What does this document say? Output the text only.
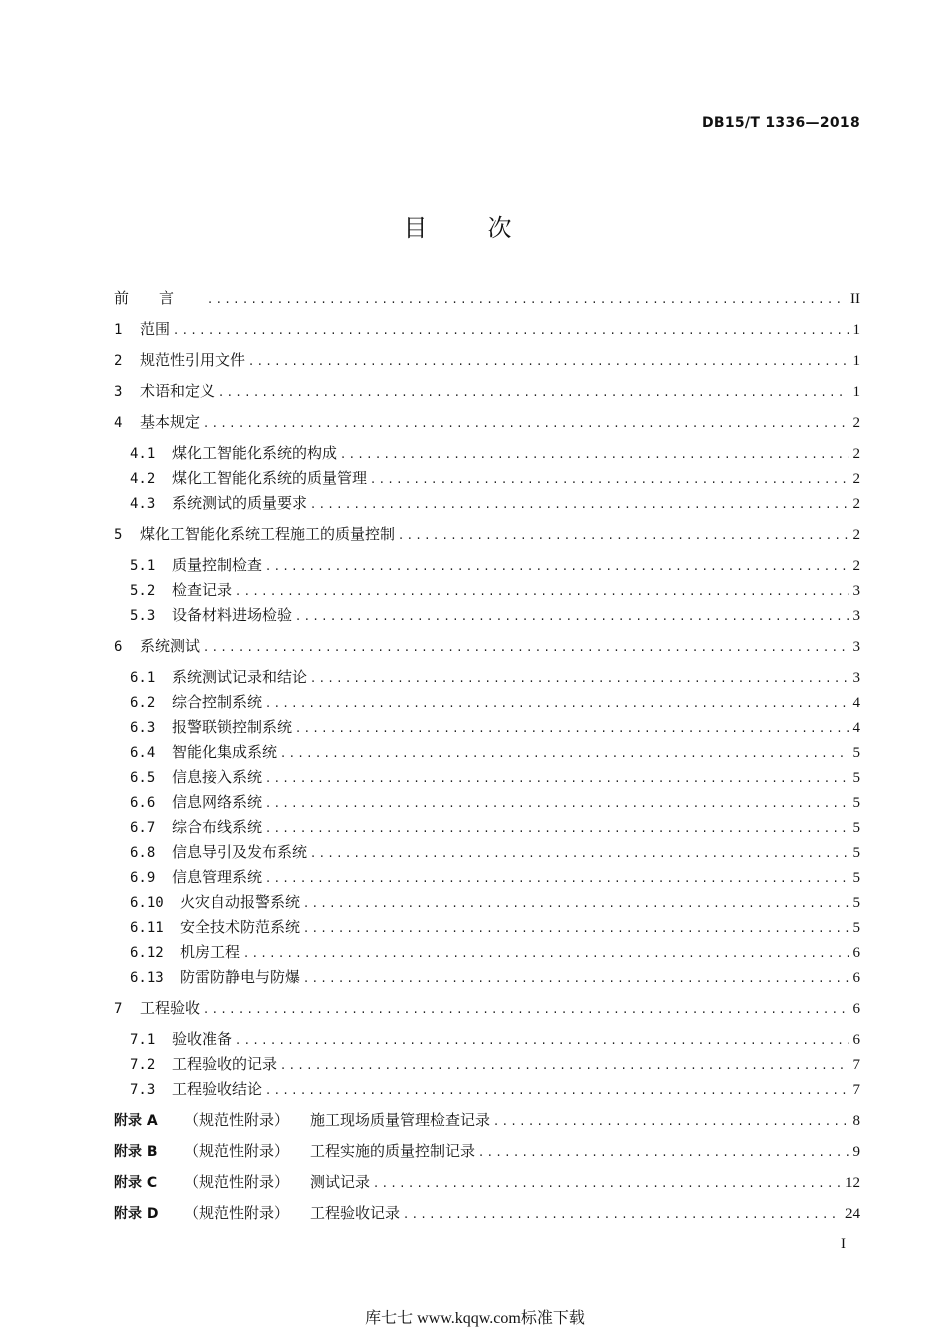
DB15/T 1336—2018
目次
前言 .....	II
1	范围 .....	1
2	规范性引用文件 .....	1
3	术语和定义 .....	1
4	基本规定 .....	2
4.1	煤化工智能化系统的构成 .....	2
4.2	煤化工智能化系统的质量管理 .....	2
4.3	系统测试的质量要求 .....	2
5	煤化工智能化系统工程施工的质量控制 .....	2
5.1	质量控制检查 .....	2
5.2	检查记录 .....	3
5.3	设备材料进场检验 .....	3
6	系统测试 .....	3
6.1	系统测试记录和结论 .....	3
6.2	综合控制系统 .....	4
6.3	报警联锁控制系统 .....	4
6.4	智能化集成系统 .....	5
6.5	信息接入系统 .....	5
6.6	信息网络系统 .....	5
6.7	综合布线系统 .....	5
6.8	信息导引及发布系统 .....	5
6.9	信息管理系统 .....	5
6.10	火灾自动报警系统 .....	5
6.11	安全技术防范系统 .....	5
6.12	机房工程 .....	6
6.13	防雷防静电与防爆 .....	6
7	工程验收 .....	6
7.1	验收准备 .....	6
7.2	工程验收的记录 .....	7
7.3	工程验收结论 .....	7
附录 A	（规范性附录）	施工现场质量管理检查记录 .....	8
附录 B	（规范性附录）	工程实施的质量控制记录 .....	9
附录 C	（规范性附录）	测试记录 .....	12
附录 D	（规范性附录）	工程验收记录 .....	24
I
库七七 www.kqqw.com标准下载
